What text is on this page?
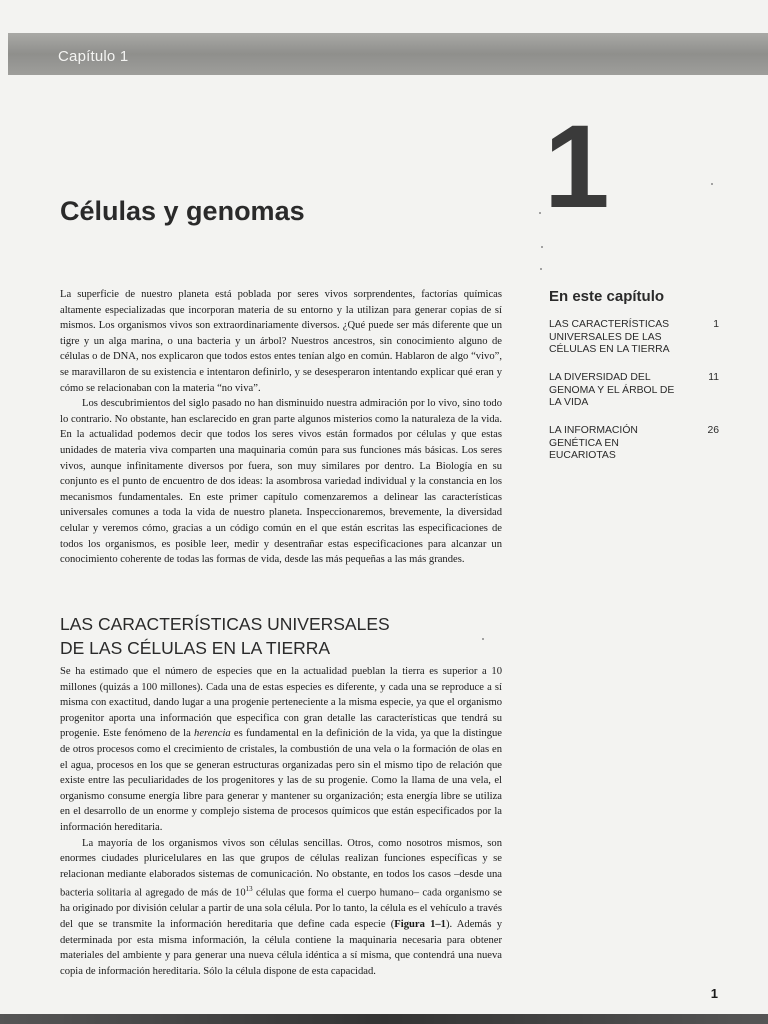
Capítulo 1
1
Células y genomas

La superficie de nuestro planeta está poblada por seres vivos sorprendentes, factorías químicas altamente especializadas que incorporan materia de su entorno y la utilizan para generar copias de sí mismos. Los organismos vivos son extraordinariamente diversos. ¿Qué puede ser más diferente que un tigre y un alga marina, o una bacteria y un árbol? Nuestros ancestros, sin conocimiento alguno de células o de DNA, nos explicaron que todos estos entes tenían algo en común. Hablaron de algo “vivo”, se maravillaron de su existencia e intentaron definirlo, y se desesperaron intentando explicar qué eran y cómo se relacionaban con la materia “no viva”.

Los descubrimientos del siglo pasado no han disminuido nuestra admiración por lo vivo, sino todo lo contrario. No obstante, han esclarecido en gran parte algunos misterios como la naturaleza de la vida. En la actualidad podemos decir que todos los seres vivos están formados por células y que estas unidades de materia viva comparten una maquinaria común para sus funciones más básicas. Los seres vivos, aunque infinitamente diversos por fuera, son muy similares por dentro. La Biología en su conjunto es el punto de encuentro de dos ideas: la asombrosa variedad individual y la constancia en los mecanismos fundamentales. En este primer capítulo comenzaremos a delinear las características universales comunes a toda la vida de nuestro planeta. Inspeccionaremos, brevemente, la diversidad celular y veremos cómo, gracias a un código común en el que están escritas las especificaciones de todos los organismos, es posible leer, medir y desentrañar estas especificaciones para alcanzar un conocimiento coherente de todas las formas de vida, desde las más pequeñas a las más grandes.

En este capítulo
LAS CARACTERÍSTICAS UNIVERSALES DE LAS CÉLULAS EN LA TIERRA
1
LA DIVERSIDAD DEL GENOMA Y EL ÁRBOL DE LA VIDA
11
LA INFORMACIÓN GENÉTICA EN EUCARIOTAS
26
LAS CARACTERÍSTICAS UNIVERSALES
DE LAS CÉLULAS EN LA TIERRA

Se ha estimado que el número de especies que en la actualidad pueblan la tierra es superior a 10 millones (quizás a 100 millones). Cada una de estas especies es diferente, y cada una se reproduce a sí misma con exactitud, dando lugar a una progenie perteneciente a la misma especie, ya que el organismo progenitor aporta una información que especifica con gran detalle las características que tendrá su progenie. Este fenómeno de la herencia es fundamental en la definición de la vida, ya que la distingue de otros procesos como el crecimiento de cristales, la combustión de una vela o la formación de olas en el agua, procesos en los que se generan estructuras organizadas pero sin el mismo tipo de relación que existe entre las peculiaridades de los progenitores y las de su progenie. Como la llama de una vela, el organismo consume energía libre para generar y mantener su organización; esta energía libre se utiliza en el desarrollo de un enorme y complejo sistema de procesos químicos que están especificados por la información hereditaria.

La mayoría de los organismos vivos son células sencillas. Otros, como nosotros mismos, son enormes ciudades pluricelulares en las que grupos de células realizan funciones específicas y se relacionan mediante elaborados sistemas de comunicación. No obstante, en todos los casos –desde una bacteria solitaria al agregado de más de $10^{13}$ células que forma el cuerpo humano– cada organismo se ha originado por división celular a partir de una sola célula. Por lo tanto, la célula es el vehículo a través del que se transmite la información hereditaria que define cada especie (Figura 1–1). Además y determinada por esta misma información, la célula contiene la maquinaria necesaria para obtener materiales del ambiente y para generar una nueva célula idéntica a sí misma, que contendrá una nueva copia de información hereditaria. Sólo la célula dispone de esta capacidad.

1
